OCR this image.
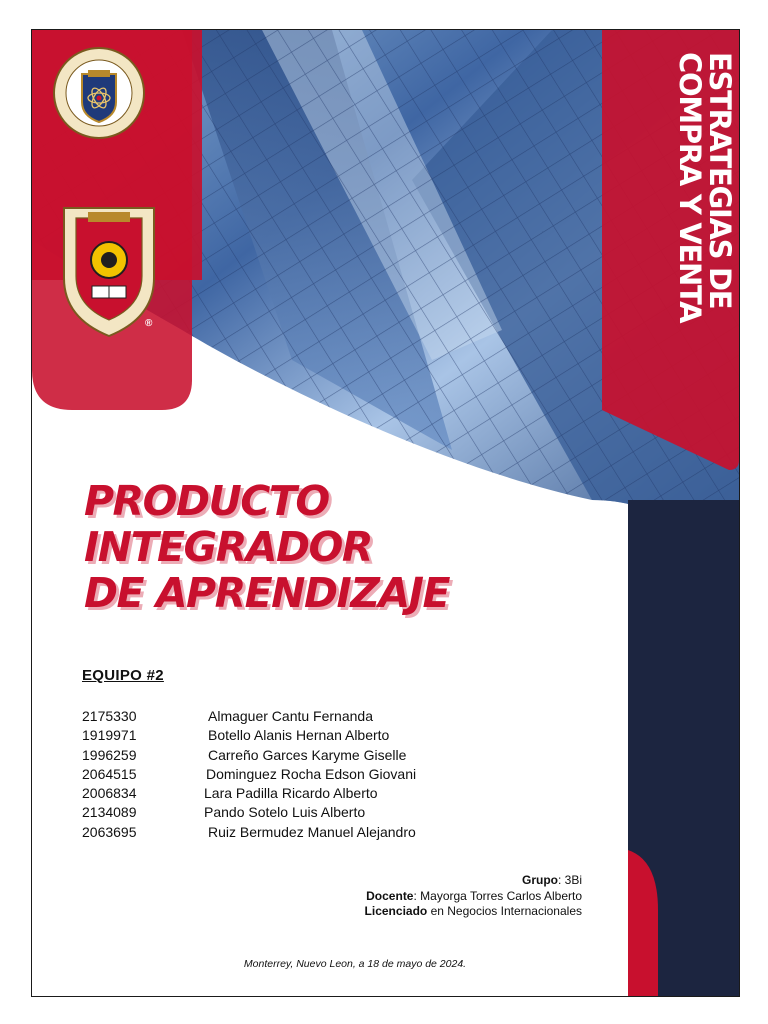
®
ESTRATEGIAS DE
COMPRA Y VENTA
PRODUCTO
INTEGRADOR
DE APRENDIZAJE
EQUIPO #2
2175330	Almaguer Cantu Fernanda
1919971	Botello Alanis Hernan Alberto
1996259	Carreño Garces Karyme Giselle
2064515	Dominguez Rocha Edson Giovani
2006834	Lara Padilla Ricardo Alberto
2134089	Pando Sotelo Luis Alberto
2063695	Ruiz Bermudez Manuel Alejandro
Grupo: 3Bi
Docente: Mayorga Torres Carlos Alberto
Licenciado en Negocios Internacionales
Monterrey, Nuevo Leon, a 18 de mayo de 2024.
